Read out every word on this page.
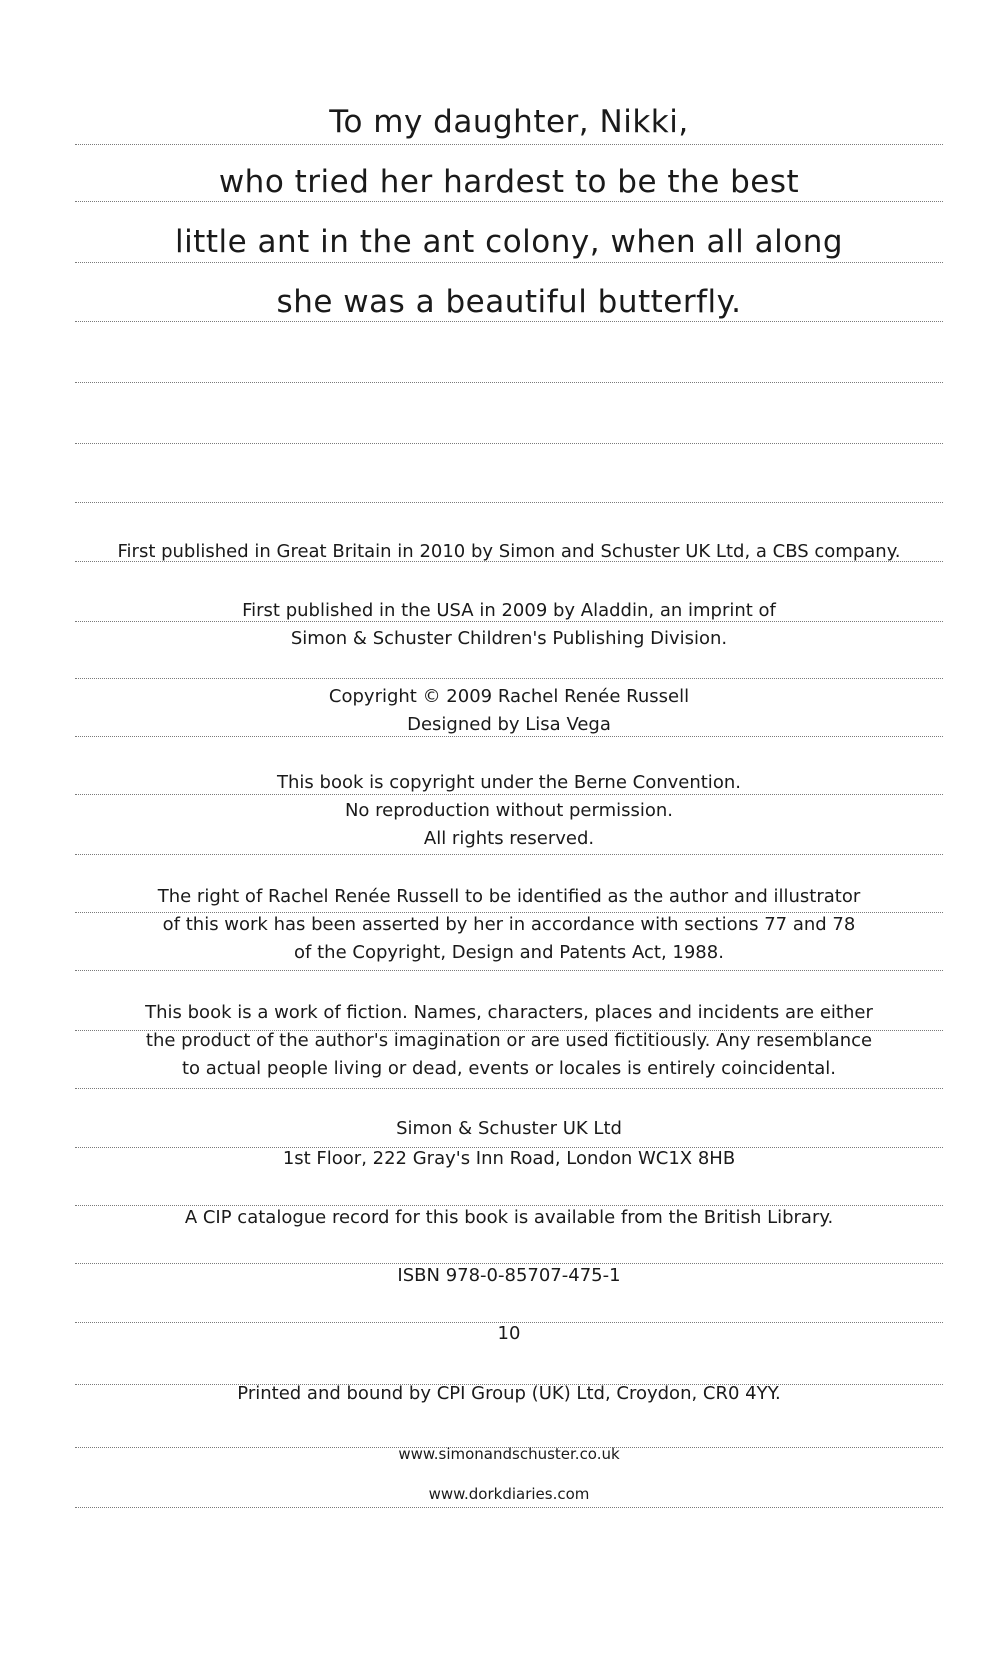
To my daughter, Nikki,
who tried her hardest to be the best
little ant in the ant colony, when all along
she was a beautiful butterfly.
First published in Great Britain in 2010 by Simon and Schuster UK Ltd, a CBS company.
First published in the USA in 2009 by Aladdin, an imprint of
Simon & Schuster Children's Publishing Division.
Copyright © 2009 Rachel Renée Russell
Designed by Lisa Vega
This book is copyright under the Berne Convention.
No reproduction without permission.
All rights reserved.
The right of Rachel Renée Russell to be identified as the author and illustrator
of this work has been asserted by her in accordance with sections 77 and 78
of the Copyright, Design and Patents Act, 1988.
This book is a work of fiction. Names, characters, places and incidents are either
the product of the author's imagination or are used fictitiously. Any resemblance
to actual people living or dead, events or locales is entirely coincidental.
Simon & Schuster UK Ltd
1st Floor, 222 Gray's Inn Road, London WC1X 8HB
A CIP catalogue record for this book is available from the British Library.
ISBN 978-0-85707-475-1
10
Printed and bound by CPI Group (UK) Ltd, Croydon, CR0 4YY.
www.simonandschuster.co.uk
www.dorkdiaries.com
